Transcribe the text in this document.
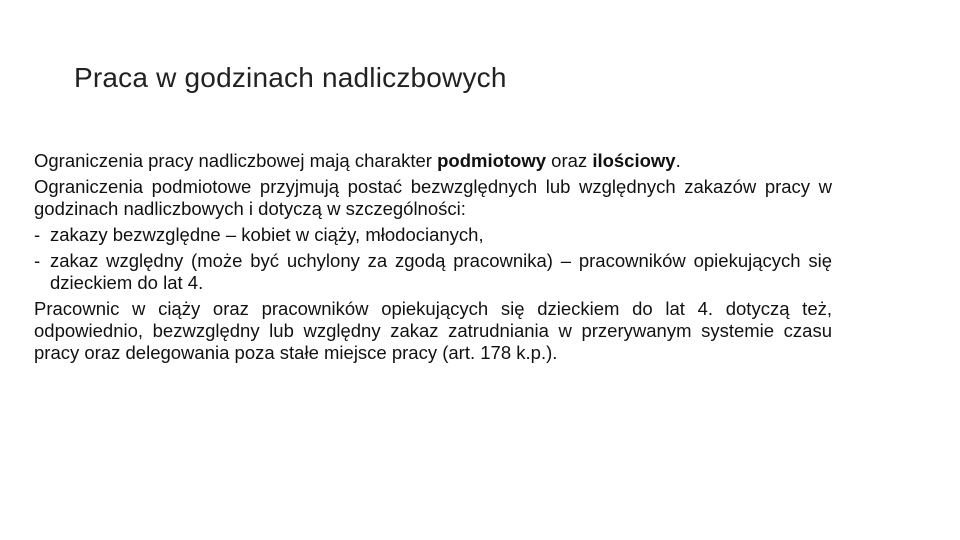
Praca w godzinach nadliczbowych

Ograniczenia pracy nadliczbowej mają charakter podmiotowy oraz ilościowy.

Ograniczenia podmiotowe przyjmują postać bezwzględnych lub względnych zakazów pracy w godzinach nadliczbowych i dotyczą w szczególności:

- zakazy bezwzględne – kobiet w ciąży, młodocianych,
- zakaz względny (może być uchylony za zgodą pracownika) – pracowników opiekujących się dzieckiem do lat 4.

Pracownic w ciąży oraz pracowników opiekujących się dzieckiem do lat 4. dotyczą też, odpowiednio, bezwzględny lub względny zakaz zatrudniania w przerywanym systemie czasu pracy oraz delegowania poza stałe miejsce pracy (art. 178 k.p.).
